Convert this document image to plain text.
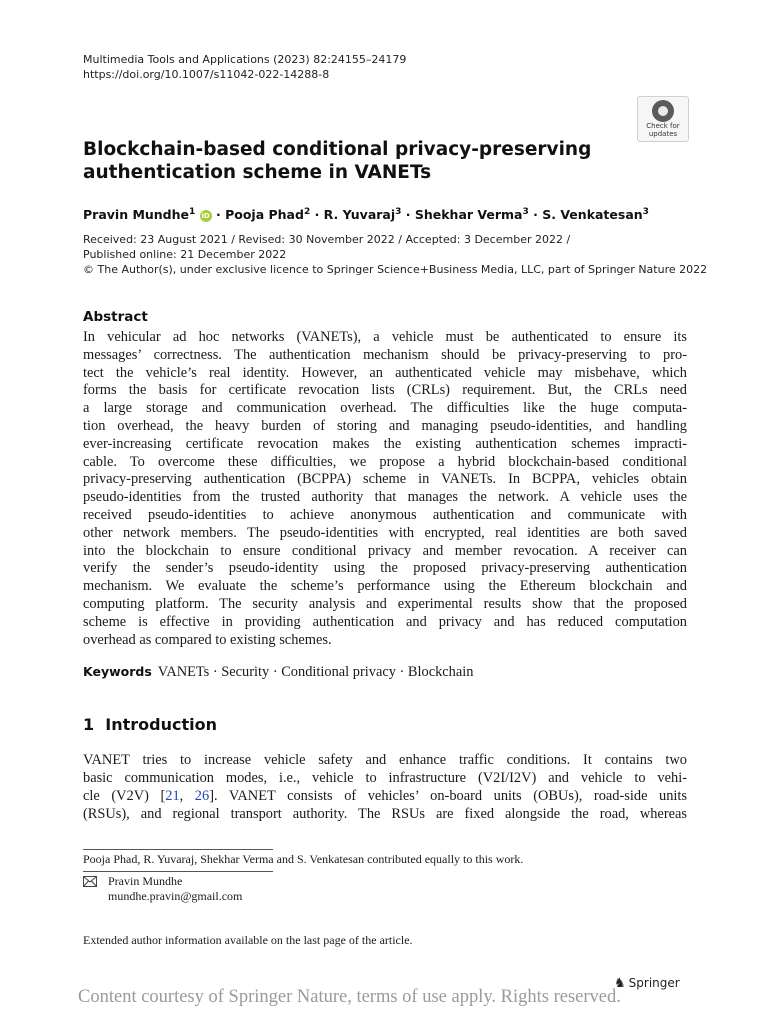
Multimedia Tools and Applications (2023) 82:24155–24179
https://doi.org/10.1007/s11042-022-14288-8
Check for
updates
Blockchain-based conditional privacy-preserving
authentication scheme in VANETs
Pravin Mundhe$^1$ iD · Pooja Phad$^2$ · R. Yuvaraj$^3$ · Shekhar Verma$^3$ · S. Venkatesan$^3$
Received: 23 August 2021 / Revised: 30 November 2022 / Accepted: 3 December 2022 /
Published online: 21 December 2022
© The Author(s), under exclusive licence to Springer Science+Business Media, LLC, part of Springer Nature 2022
Abstract
In vehicular ad hoc networks (VANETs), a vehicle must be authenticated to ensure its
messages’ correctness. The authentication mechanism should be privacy-preserving to pro-
tect the vehicle’s real identity. However, an authenticated vehicle may misbehave, which
forms the basis for certificate revocation lists (CRLs) requirement. But, the CRLs need
a large storage and communication overhead. The difficulties like the huge computa-
tion overhead, the heavy burden of storing and managing pseudo-identities, and handling
ever-increasing certificate revocation makes the existing authentication schemes impracti-
cable. To overcome these difficulties, we propose a hybrid blockchain-based conditional
privacy-preserving authentication (BCPPA) scheme in VANETs. In BCPPA, vehicles obtain
pseudo-identities from the trusted authority that manages the network. A vehicle uses the
received pseudo-identities to achieve anonymous authentication and communicate with
other network members. The pseudo-identities with encrypted, real identities are both saved
into the blockchain to ensure conditional privacy and member revocation. A receiver can
verify the sender’s pseudo-identity using the proposed privacy-preserving authentication
mechanism. We evaluate the scheme’s performance using the Ethereum blockchain and
computing platform. The security analysis and experimental results show that the proposed
scheme is effective in providing authentication and privacy and has reduced computation
overhead as compared to existing schemes.
Keywords VANETs · Security · Conditional privacy · Blockchain
1 Introduction
VANET tries to increase vehicle safety and enhance traffic conditions. It contains two
basic communication modes, i.e., vehicle to infrastructure (V2I/I2V) and vehicle to vehi-
cle (V2V) [21, 26]. VANET consists of vehicles’ on-board units (OBUs), road-side units
(RSUs), and regional transport authority. The RSUs are fixed alongside the road, whereas
Pooja Phad, R. Yuvaraj, Shekhar Verma and S. Venkatesan contributed equally to this work.
Pravin Mundhe
mundhe.pravin@gmail.com
Extended author information available on the last page of the article.
♞ Springer
Content courtesy of Springer Nature, terms of use apply. Rights reserved.
